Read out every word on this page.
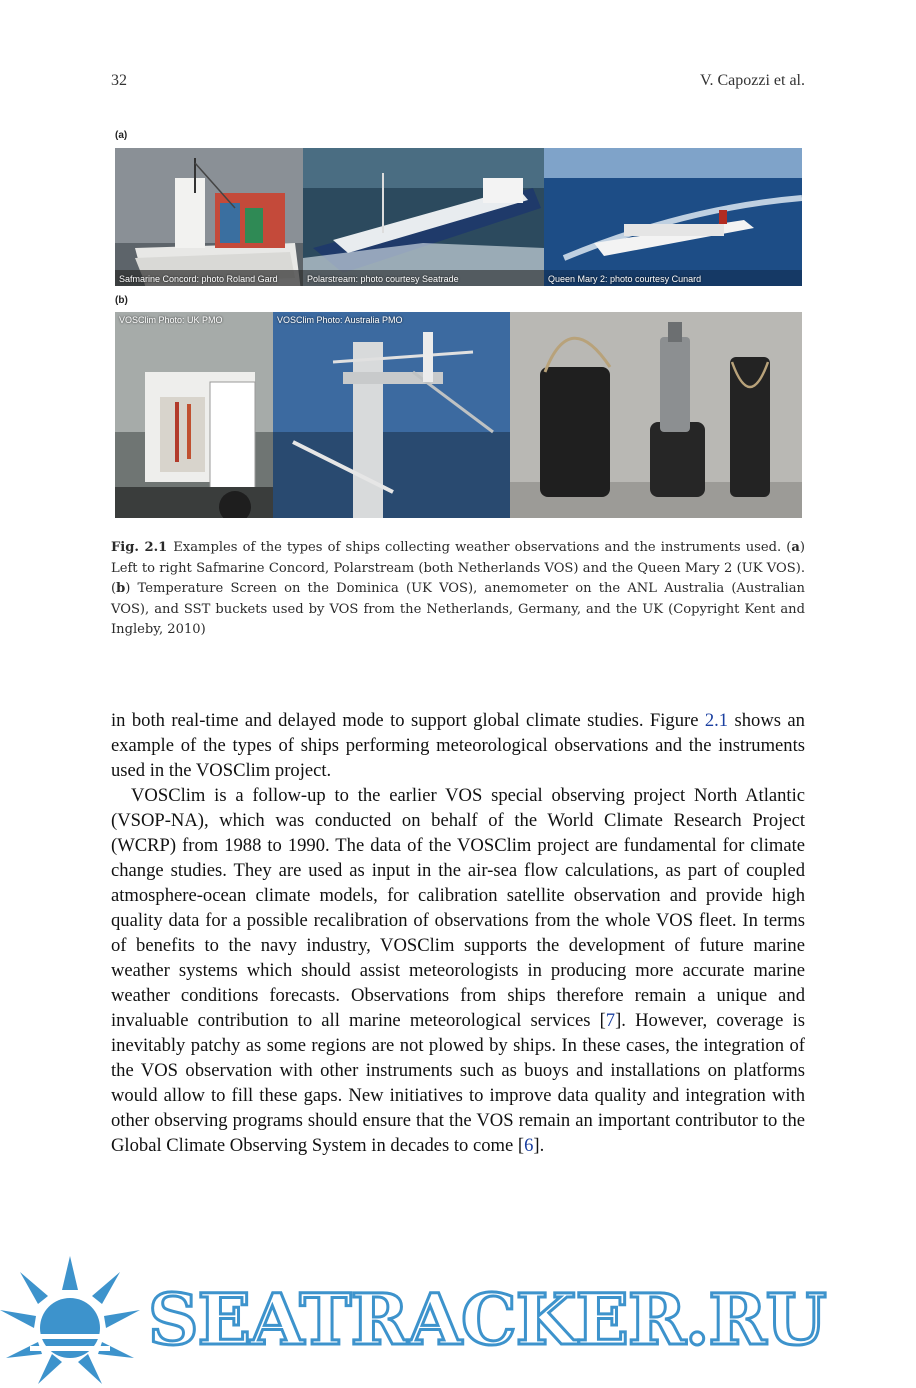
32	V. Capozzi et al.
(a)
Safmarine Concord: photo Roland Gard	Polarstream: photo courtesy Seatrade	Queen Mary 2: photo courtesy Cunard
(b)
VOSClim Photo: UK PMO	VOSClim Photo: Australia PMO
Fig. 2.1 Examples of the types of ships collecting weather observations and the instruments used. (a) Left to right Safmarine Concord, Polarstream (both Netherlands VOS) and the Queen Mary 2 (UK VOS). (b) Temperature Screen on the Dominica (UK VOS), anemometer on the ANL Australia (Australian VOS), and SST buckets used by VOS from the Netherlands, Germany, and the UK (Copyright Kent and Ingleby, 2010)

in both real-time and delayed mode to support global climate studies. Figure 2.1 shows an example of the types of ships performing meteorological observations and the instruments used in the VOSClim project.

VOSClim is a follow-up to the earlier VOS special observing project North Atlantic (VSOP-NA), which was conducted on behalf of the World Climate Research Project (WCRP) from 1988 to 1990. The data of the VOSClim project are fundamental for climate change studies. They are used as input in the air-sea flow calculations, as part of coupled atmosphere-ocean climate models, for calibration satellite observation and provide high quality data for a possible recalibration of observations from the whole VOS fleet. In terms of benefits to the navy industry, VOSClim supports the development of future marine weather systems which should assist meteorologists in producing more accurate marine weather conditions forecasts. Observations from ships therefore remain a unique and invaluable contribution to all marine meteorological services [7]. However, coverage is inevitably patchy as some regions are not plowed by ships. In these cases, the integration of the VOS observation with other instruments such as buoys and installations on platforms would allow to fill these gaps. New initiatives to improve data quality and integration with other observing programs should ensure that the VOS remain an important contributor to the Global Climate Observing System in decades to come [6].

SEATRACKER.RU
